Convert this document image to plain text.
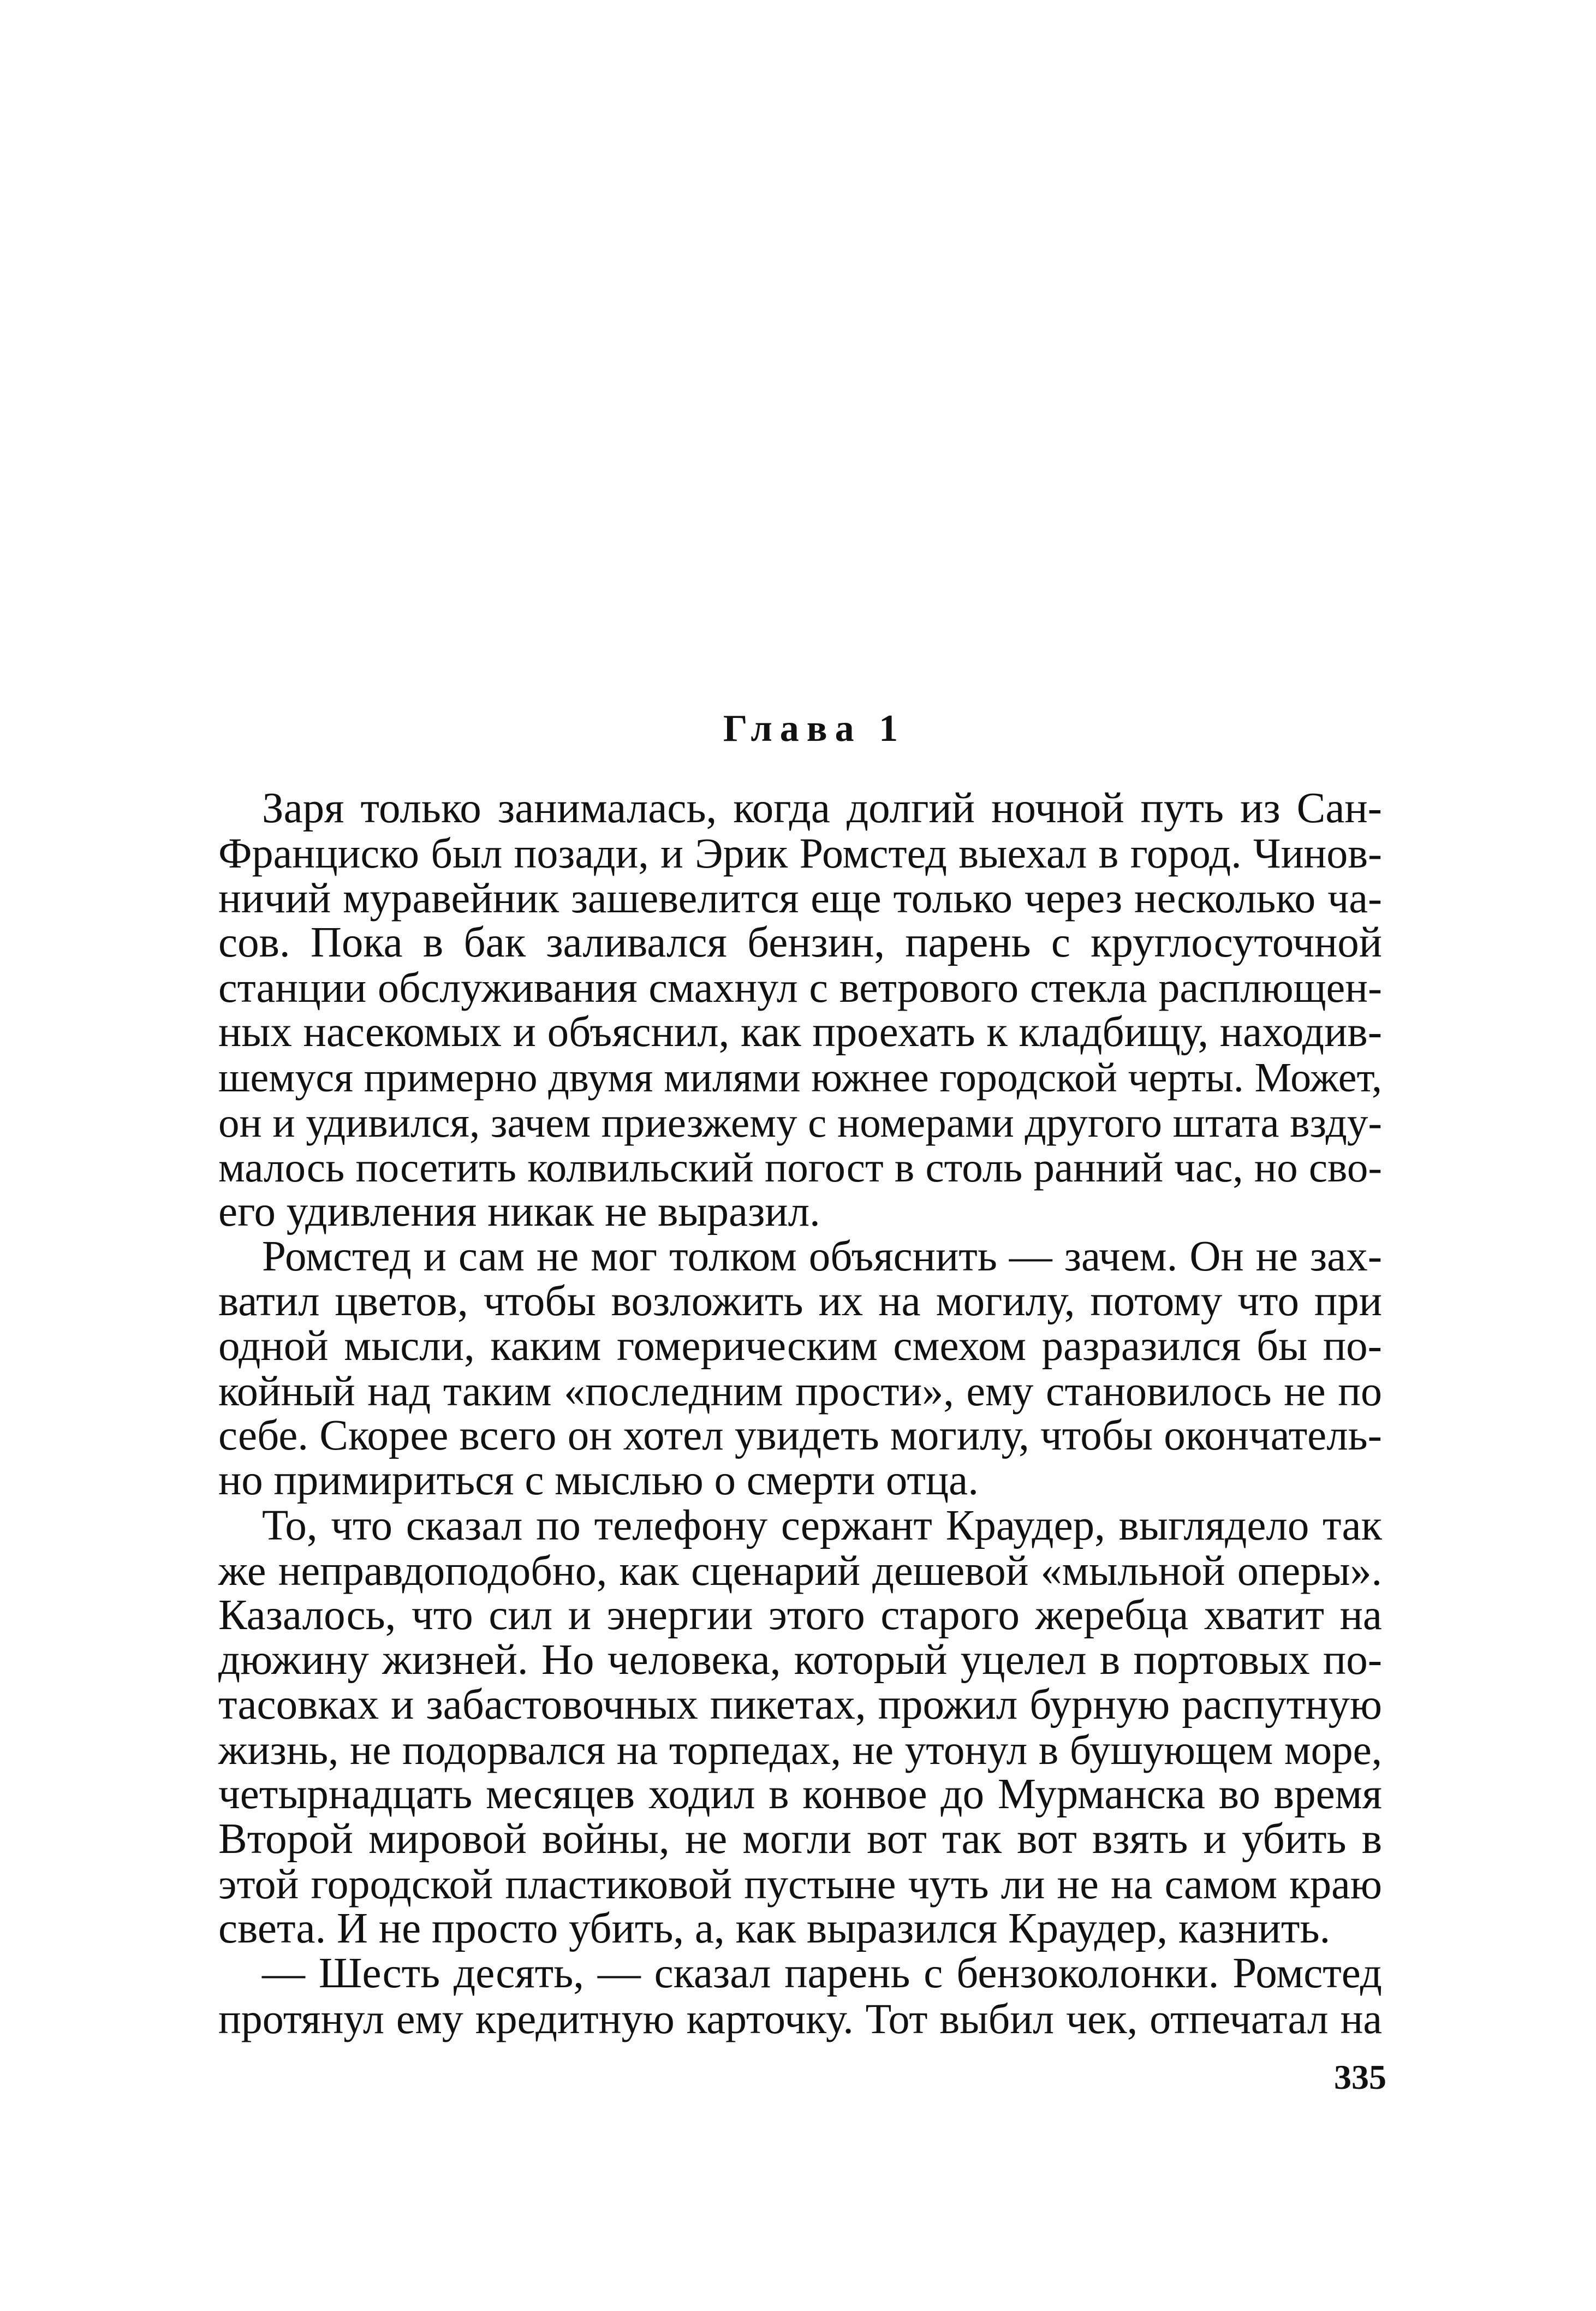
Глава 1
Заря только занималась, когда долгий ночной путь из Сан-
Франциско был позади, и Эрик Ромстед выехал в город. Чинов-
ничий муравейник зашевелится еще только через несколько ча-
сов. Пока в бак заливался бензин, парень с круглосуточной
станции обслуживания смахнул с ветрового стекла расплющен-
ных насекомых и объяснил, как проехать к кладбищу, находив-
шемуся примерно двумя милями южнее городской черты. Может,
он и удивился, зачем приезжему с номерами другого штата взду-
малось посетить колвильский погост в столь ранний час, но сво-
его удивления никак не выразил.
Ромстед и сам не мог толком объяснить — зачем. Он не зах-
ватил цветов, чтобы возложить их на могилу, потому что при
одной мысли, каким гомерическим смехом разразился бы по-
койный над таким «последним прости», ему становилось не по
себе. Скорее всего он хотел увидеть могилу, чтобы окончатель-
но примириться с мыслью о смерти отца.
То, что сказал по телефону сержант Краудер, выглядело так
же неправдоподобно, как сценарий дешевой «мыльной оперы».
Казалось, что сил и энергии этого старого жеребца хватит на
дюжину жизней. Но человека, который уцелел в портовых по-
тасовках и забастовочных пикетах, прожил бурную распутную
жизнь, не подорвался на торпедах, не утонул в бушующем море,
четырнадцать месяцев ходил в конвое до Мурманска во время
Второй мировой войны, не могли вот так вот взять и убить в
этой городской пластиковой пустыне чуть ли не на самом краю
света. И не просто убить, а, как выразился Краудер, казнить.
— Шесть десять, — сказал парень с бензоколонки. Ромстед
протянул ему кредитную карточку. Тот выбил чек, отпечатал на
335
